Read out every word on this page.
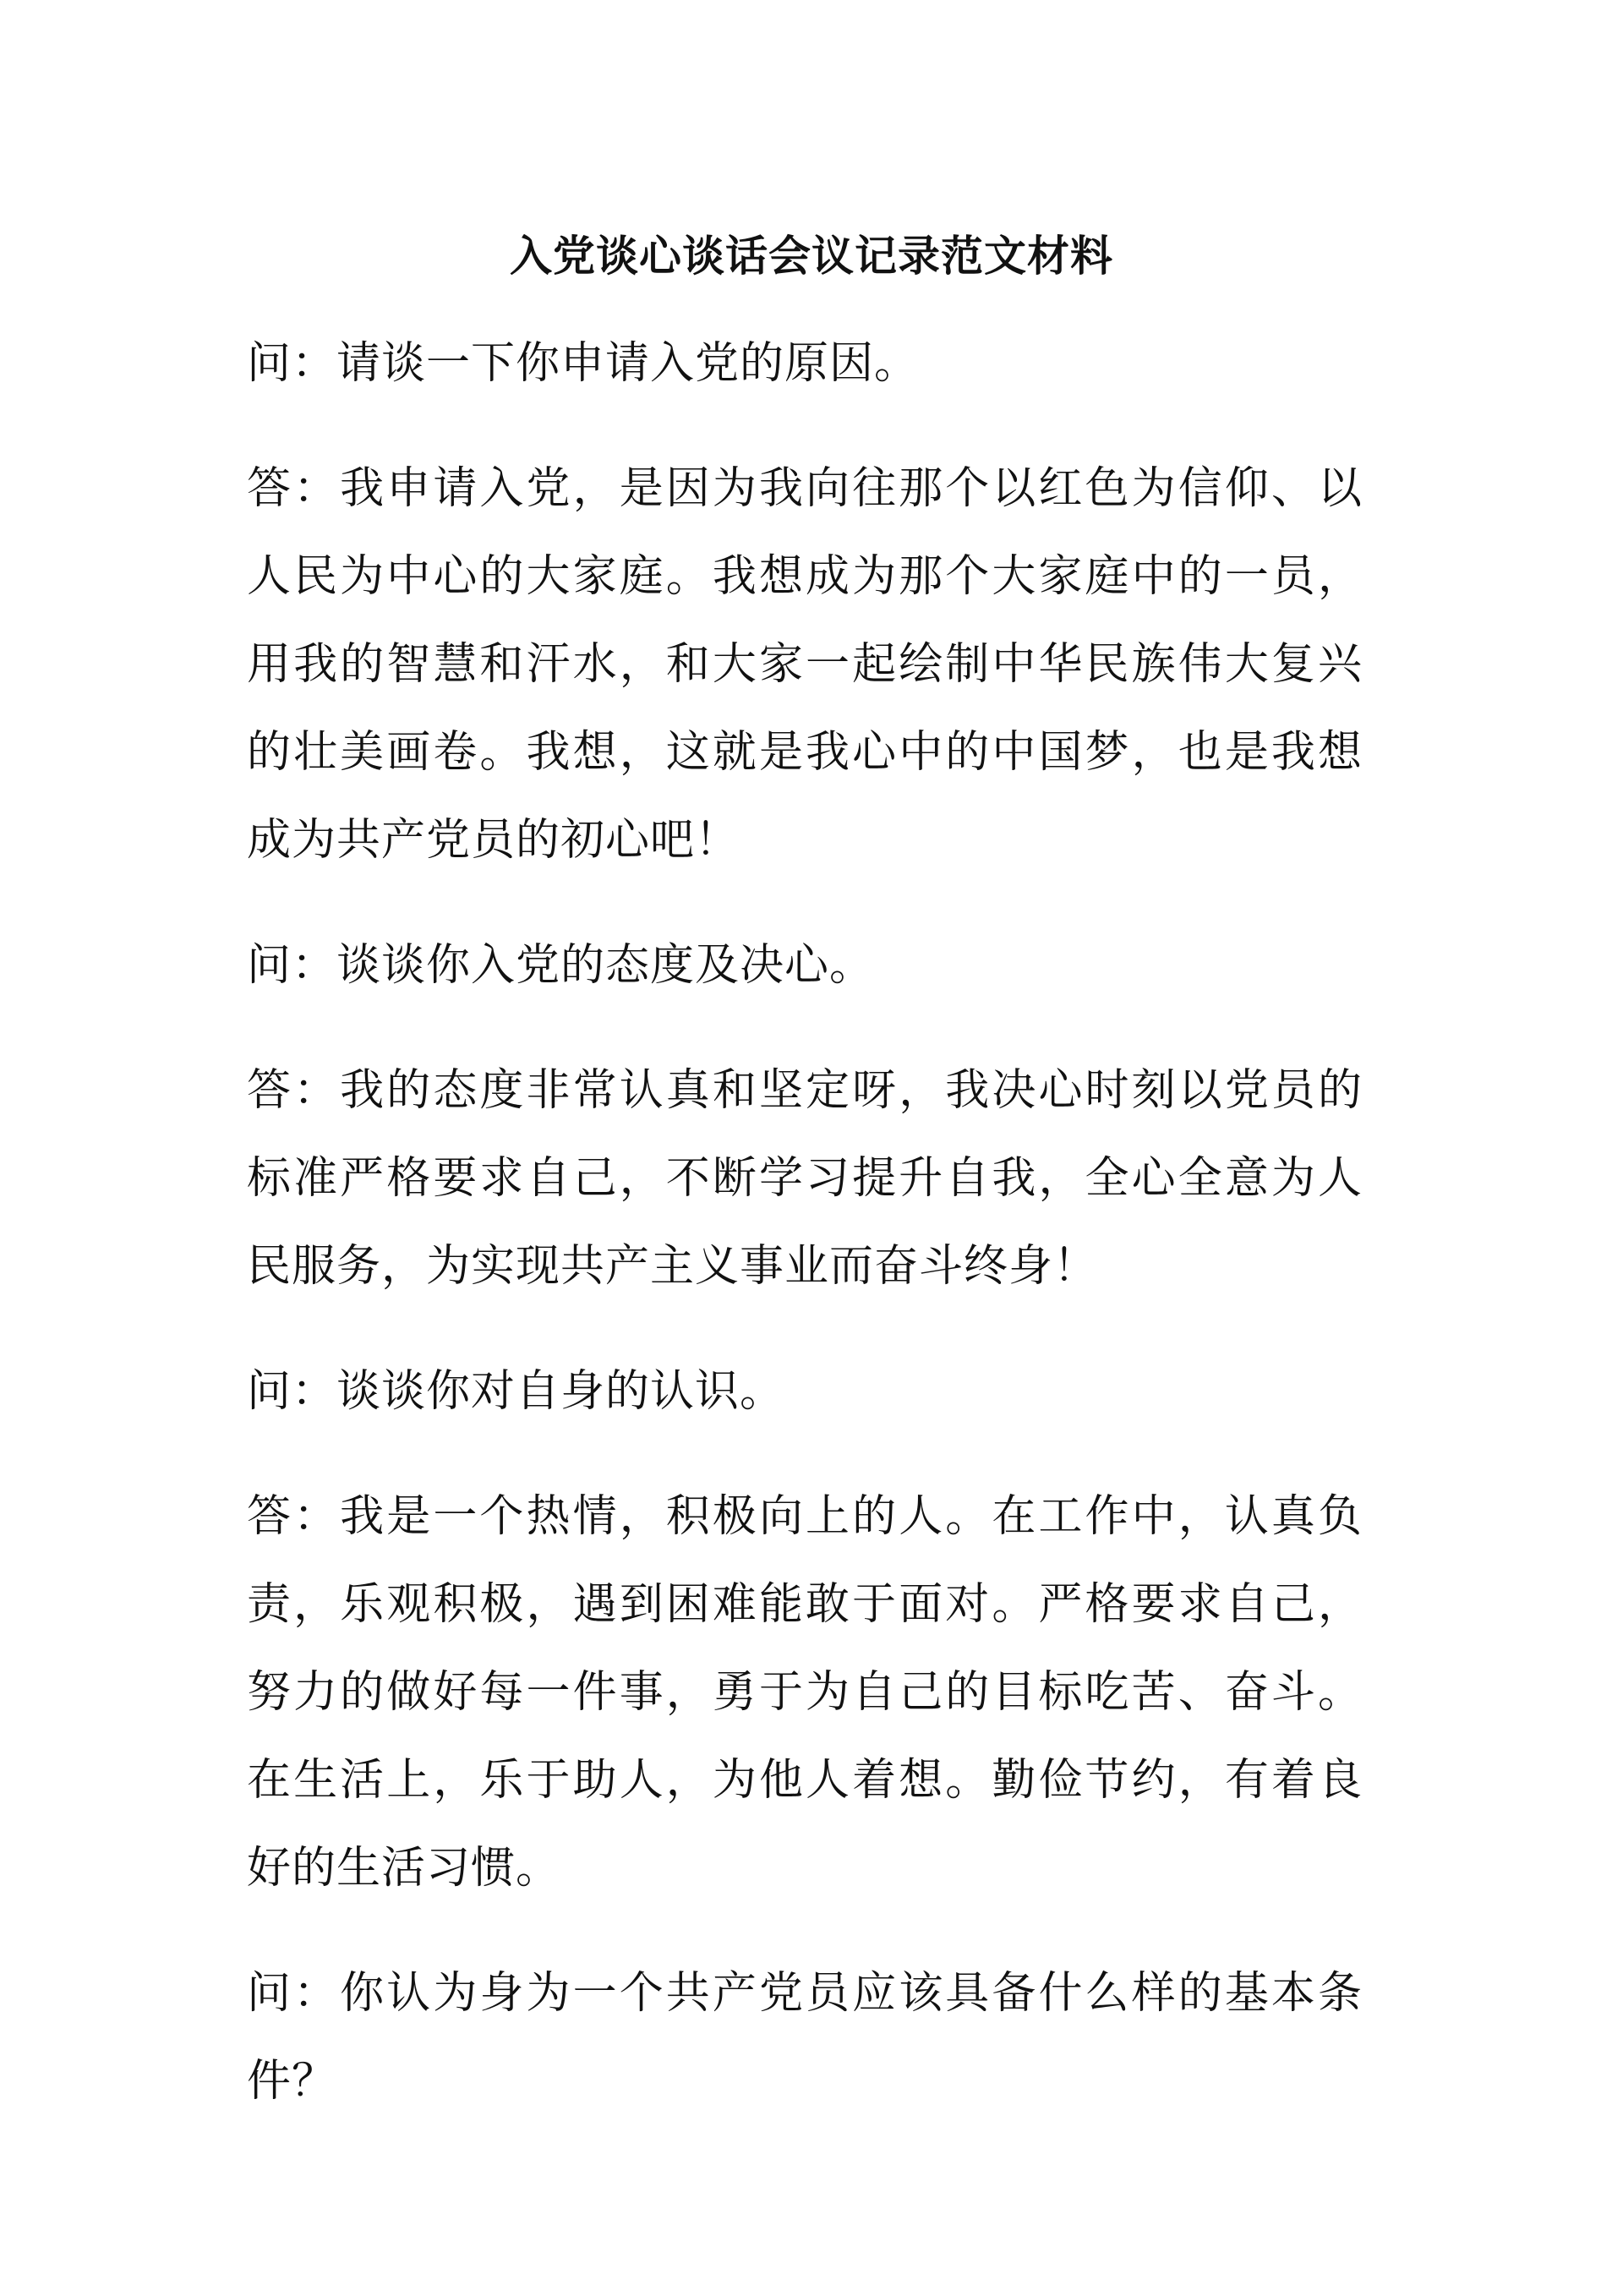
入党谈心谈话会议记录范文材料

问：请谈一下你申请入党的原因。

答：我申请入党，是因为我向往那个以红色为信仰、以人民为中心的大家庭。我想成为那个大家庭中的一员，用我的智慧和汗水，和大家一起绘制中华民族伟大复兴的壮美画卷。我想，这就是我心中的中国梦，也是我想成为共产党员的初心吧！

问：谈谈你入党的态度及决心。

答：我的态度非常认真和坚定呀，我决心时刻以党员的标准严格要求自己，不断学习提升自我，全心全意为人民服务，为实现共产主义事业而奋斗终身！

问：谈谈你对自身的认识。

答：我是一个热情，积极向上的人。在工作中，认真负责，乐观积极，遇到困难能敢于面对。严格要求自己，努力的做好每一件事，勇于为自己的目标吃苦、奋斗。在生活上，乐于助人，为他人着想。勤俭节约，有着良好的生活习惯。

问：你认为身为一个共产党员应该具备什么样的基本条件？
